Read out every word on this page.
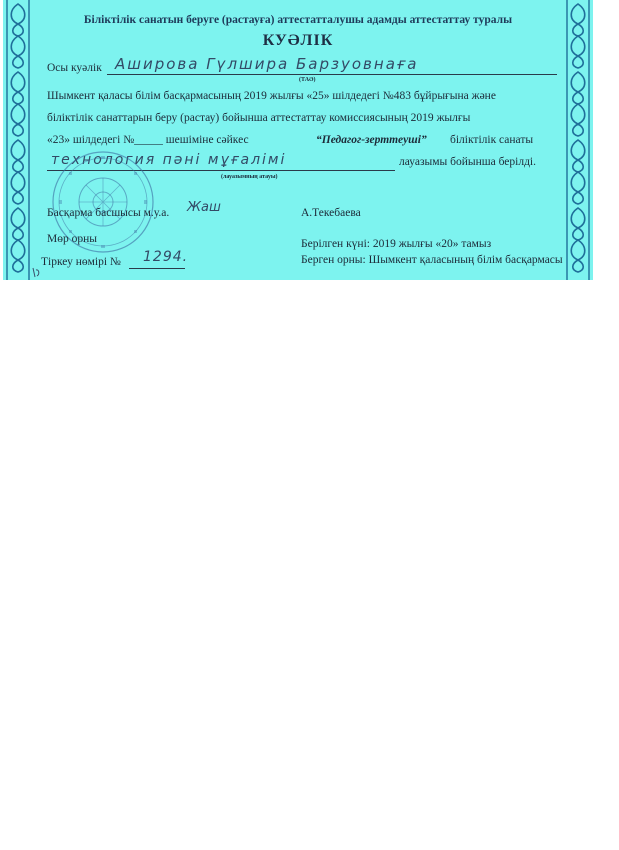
Біліктілік санатын беруге (растауға) аттестатталушы адамды аттестаттау туралы
КУӘЛІК
Осы куәлік Аширова Гүлшира Барзуовнаға
(ТАӘ)
Шымкент қаласы білім басқармасының 2019 жылғы «25» шілдедегі №483 бұйрығына және
біліктілік санаттарын беру (растау) бойынша аттестаттау комиссиясының 2019 жылғы
«23» шілдедегі №_____ шешіміне сәйкес	“Педагог-зерттеуші” біліктілік санаты
технология пәні мұғалімі	лауазымы бойынша берілді.
(лауазымның атауы)
Басқарма басшысы м.у.а. Жаш	А.Текебаева
Мөр орны	Берілген күні: 2019 жылғы «20» тамыз
Тіркеу нөмірі № 1294.	Берген орны: Шымкент қаласының білім басқармасы
